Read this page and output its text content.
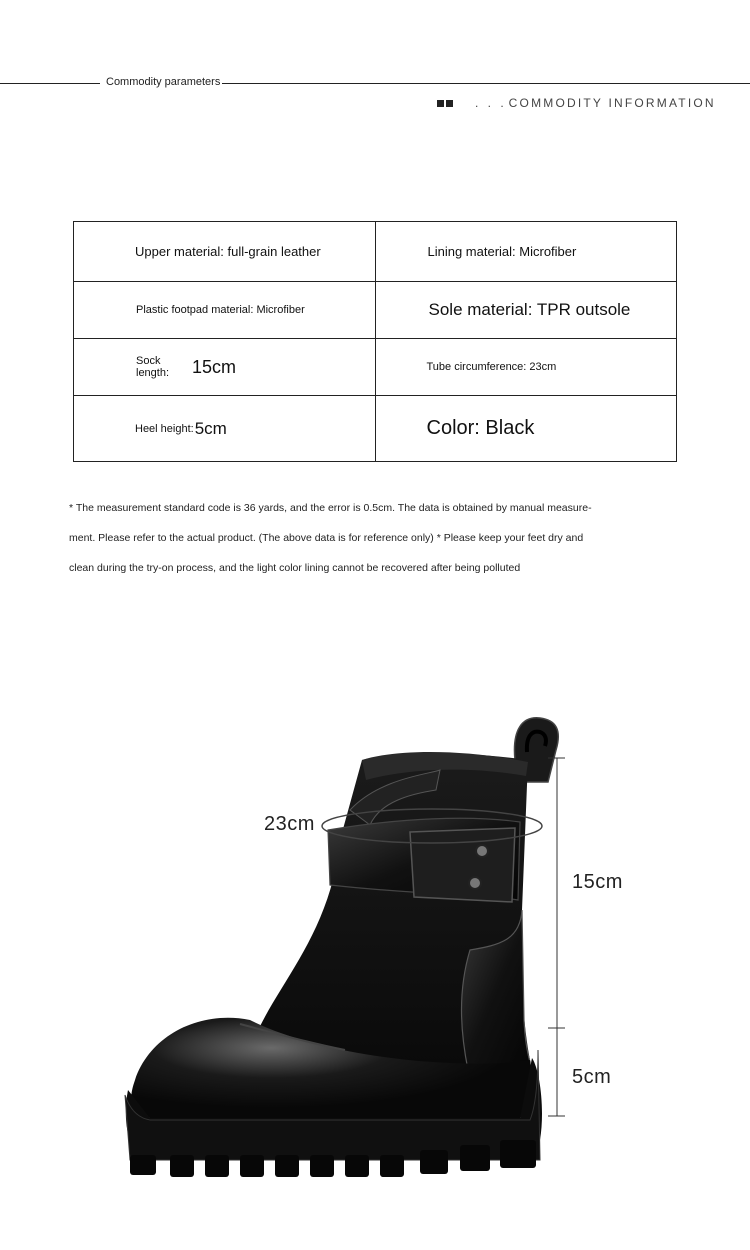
Commodity parameters
. . . COMMODITY INFORMATION
Upper material: full-grain leather	Lining material: Microfiber

Plastic footpad material: Microfiber	Sole material: TPR outsole

Sock length: 15cm	Tube circumference: 23cm

Heel height: 5cm	Color: Black
* The measurement standard code is 36 yards, and the error is 0.5cm. The data is obtained by manual measure-
ment. Please refer to the actual product. (The above data is for reference only) * Please keep your feet dry and
clean during the try-on process, and the light color lining cannot be recovered after being polluted
23cm
15cm
5cm
